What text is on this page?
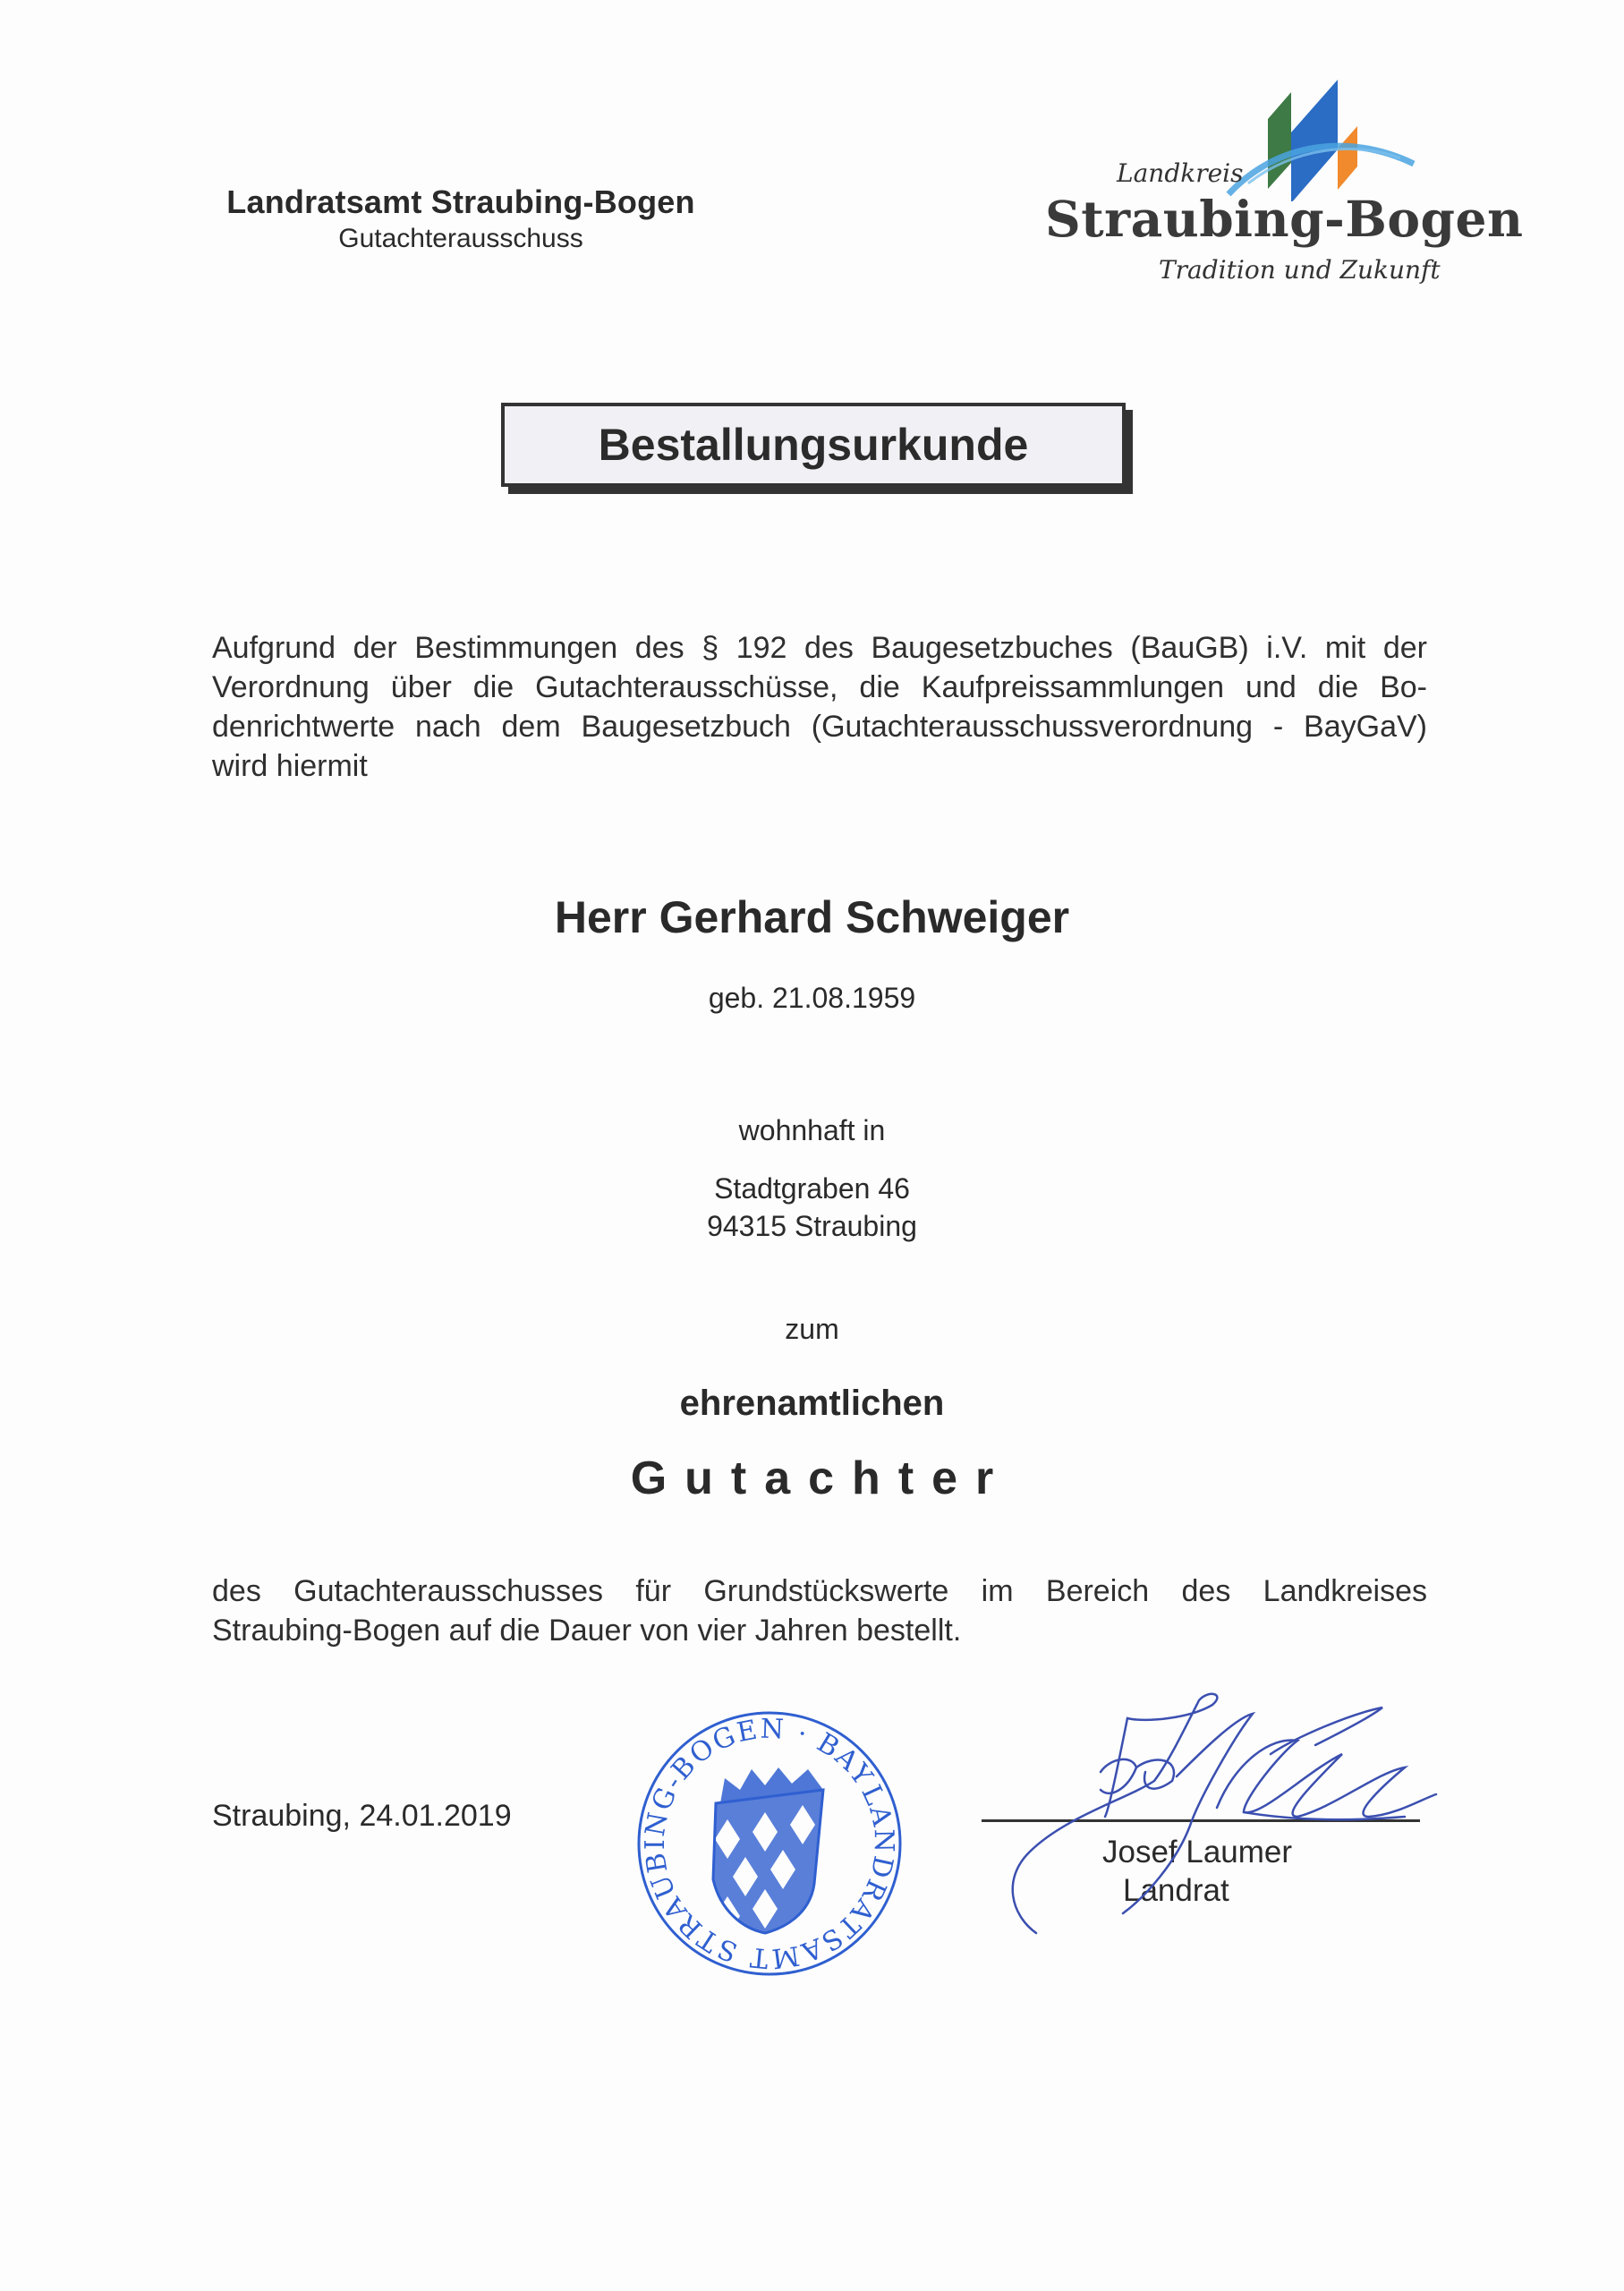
Landratsamt Straubing-Bogen
Gutachterausschuss
Landkreis
Straubing-Bogen
Tradition und Zukunft
Bestallungsurkunde
Aufgrund der Bestimmungen des § 192 des Baugesetzbuches (BauGB) i.V. mit der
Verordnung über die Gutachterausschüsse, die Kaufpreissammlungen und die Bo-
denrichtwerte nach dem Baugesetzbuch (Gutachterausschussverordnung - BayGaV)
wird hiermit
Herr Gerhard Schweiger
geb. 21.08.1959
wohnhaft in
Stadtgraben 46
94315 Straubing
zum
ehrenamtlichen
Gutachter
des Gutachterausschusses für Grundstückswerte im Bereich des Landkreises
Straubing-Bogen auf die Dauer von vier Jahren bestellt.
Straubing, 24.01.2019
LANDRATSAMT STRAUBING-BOGEN · BAYERN
Josef Laumer
Landrat
